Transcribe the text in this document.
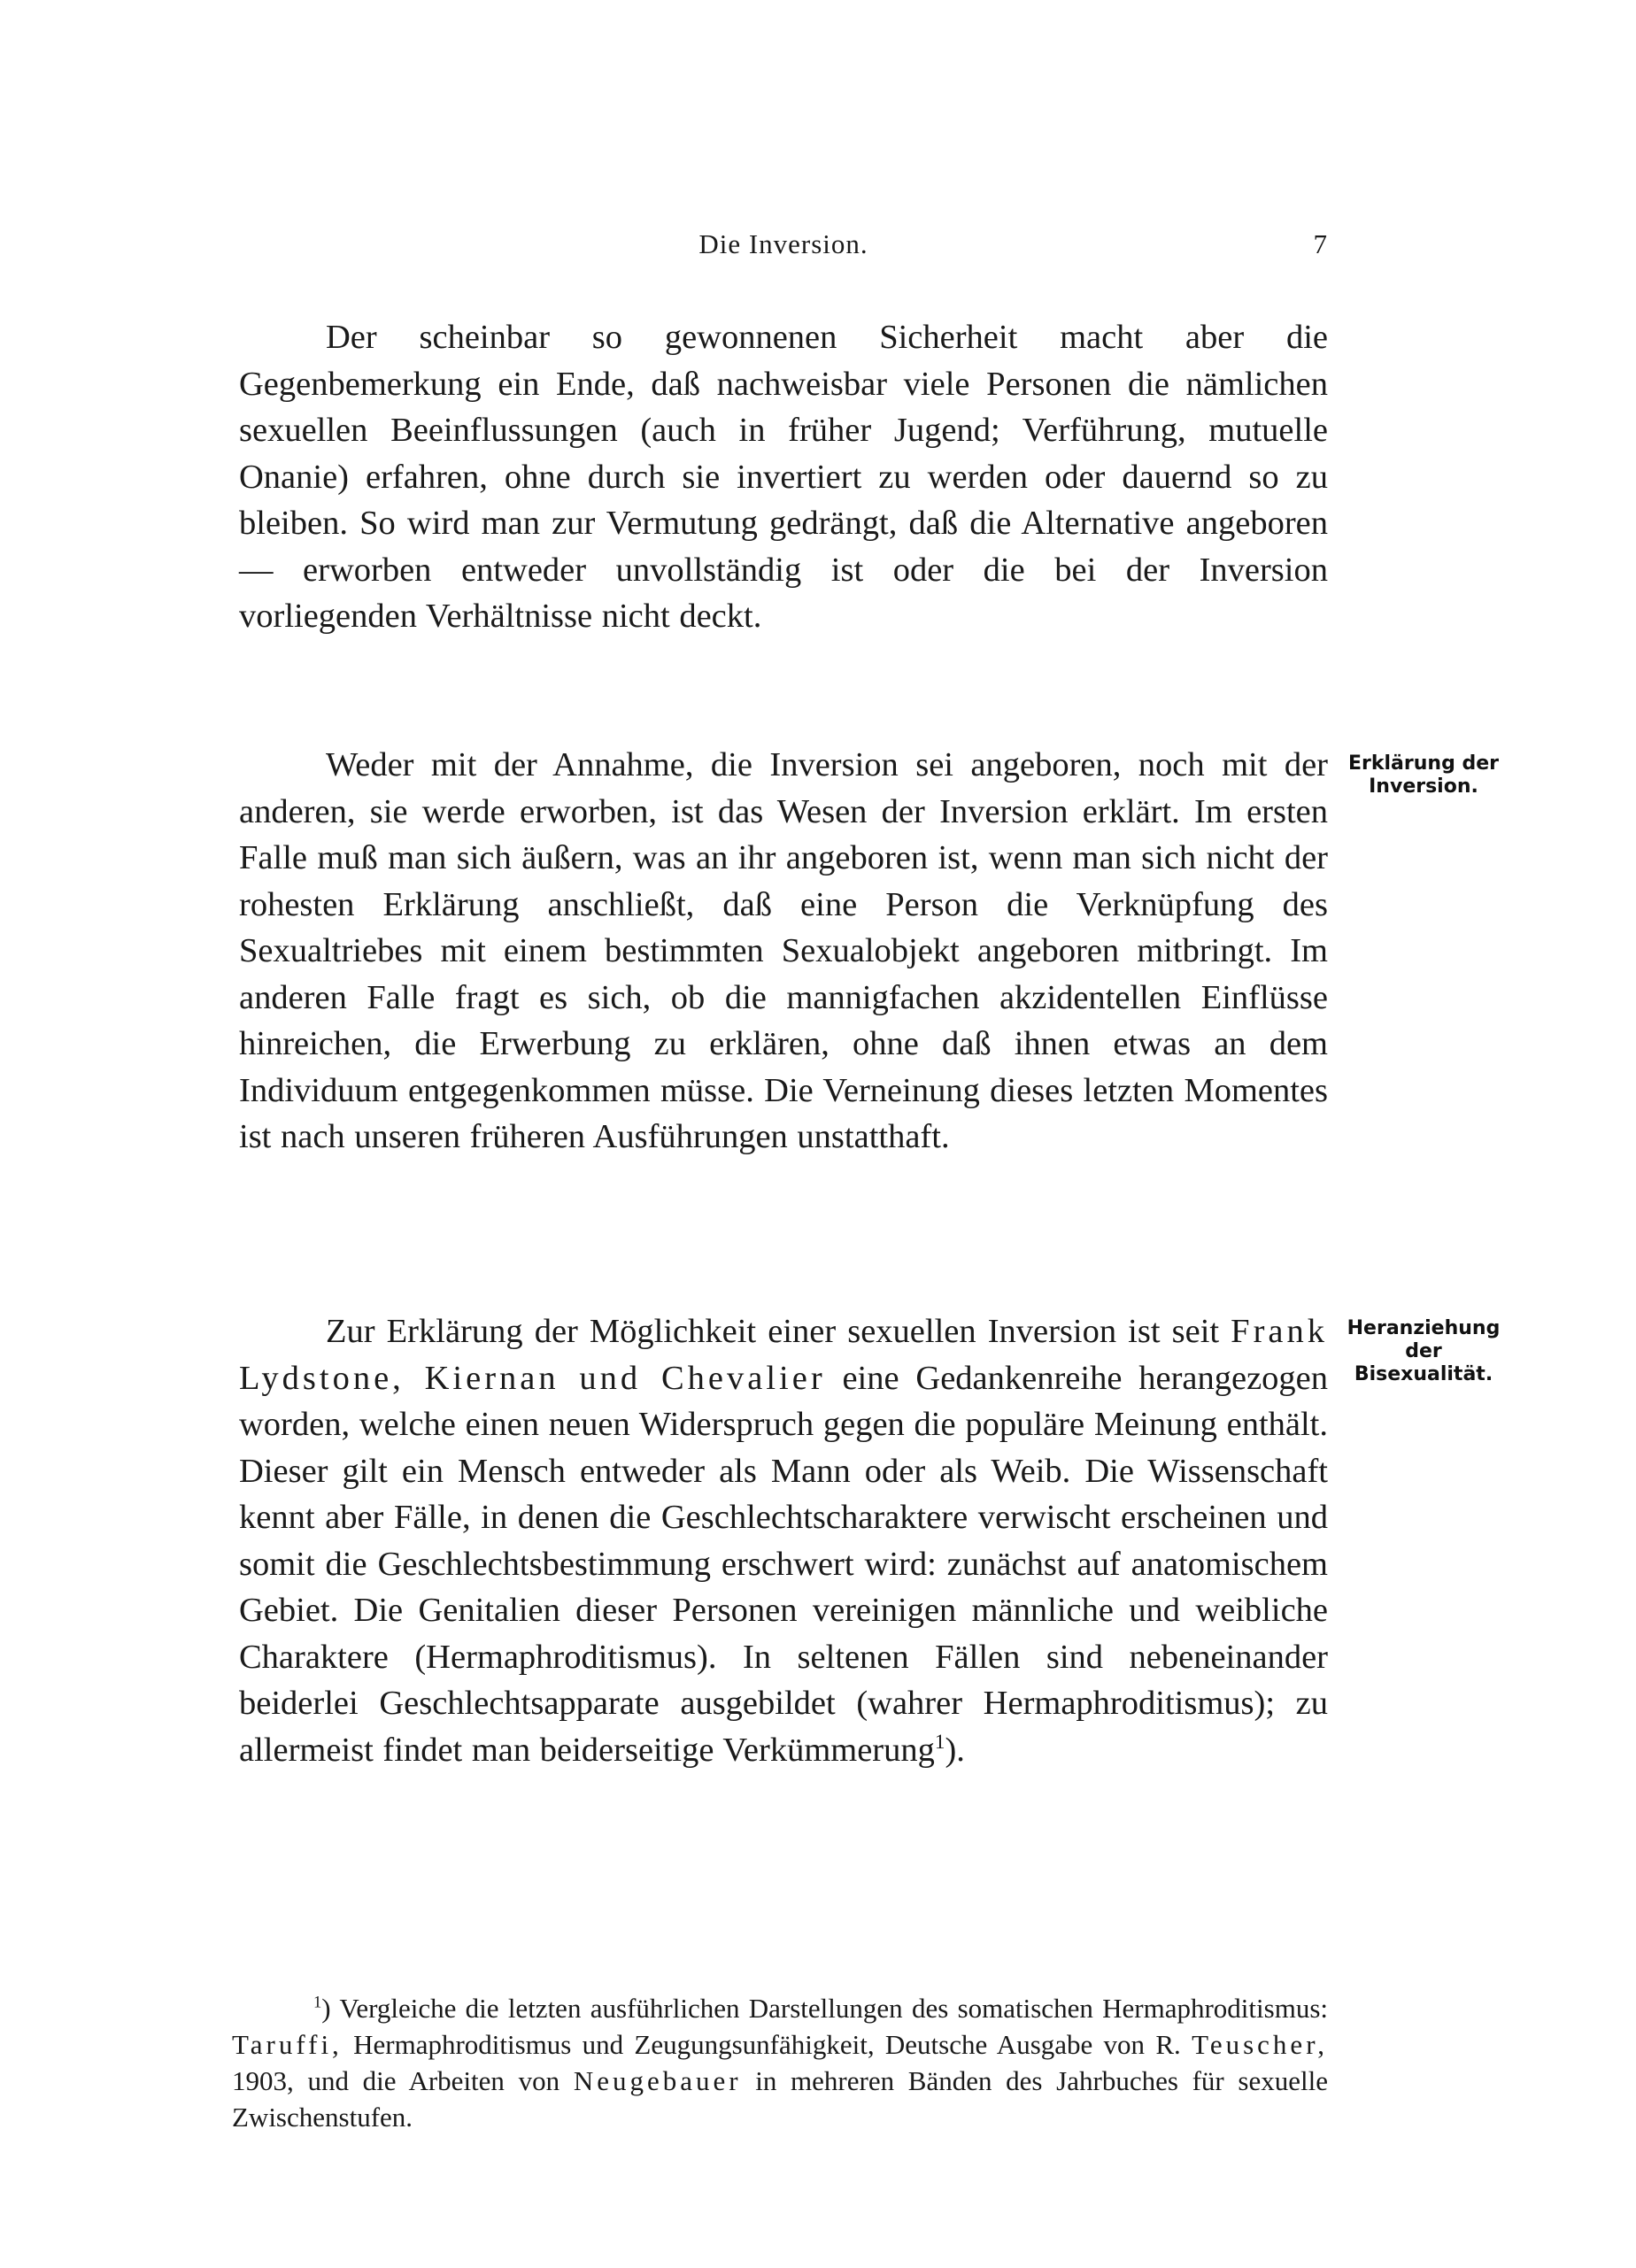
Die Inversion.	7

Der scheinbar so gewonnenen Sicherheit macht aber die Gegenbemerkung ein Ende, daß nachweisbar viele Personen die nämlichen sexuellen Beeinflussungen (auch in früher Jugend; Verführung, mutuelle Onanie) erfahren, ohne durch sie invertiert zu werden oder dauernd so zu bleiben. So wird man zur Vermutung gedrängt, daß die Alternative angeboren — erworben entweder unvollständig ist oder die bei der Inversion vorliegenden Verhältnisse nicht deckt.

Weder mit der Annahme, die Inversion sei angeboren, noch mit der anderen, sie werde erworben, ist das Wesen der Inversion erklärt. Im ersten Falle muß man sich äußern, was an ihr angeboren ist, wenn man sich nicht der rohesten Erklärung anschließt, daß eine Person die Verknüpfung des Sexualtriebes mit einem bestimmten Sexualobjekt angeboren mitbringt. Im anderen Falle fragt es sich, ob die mannigfachen akzidentellen Einflüsse hinreichen, die Erwerbung zu erklären, ohne daß ihnen etwas an dem Individuum entgegenkommen müsse. Die Verneinung dieses letzten Momentes ist nach unseren früheren Ausführungen unstatthaft.

Zur Erklärung der Möglichkeit einer sexuellen Inversion ist seit Frank Lydstone, Kiernan und Chevalier eine Gedankenreihe herangezogen worden, welche einen neuen Widerspruch gegen die populäre Meinung enthält. Dieser gilt ein Mensch entweder als Mann oder als Weib. Die Wissenschaft kennt aber Fälle, in denen die Geschlechtscharaktere verwischt erscheinen und somit die Geschlechtsbestimmung erschwert wird: zunächst auf anatomischem Gebiet. Die Genitalien dieser Personen vereinigen männliche und weibliche Charaktere (Hermaphroditismus). In seltenen Fällen sind nebeneinander beiderlei Geschlechtsapparate ausgebildet (wahrer Hermaphroditismus); zu allermeist findet man beiderseitige Verkümmerung$^1$).

Erklärung der
Inversion.
Heranziehung
der
Bisexualität.

$^1$) Vergleiche die letzten ausführlichen Darstellungen des somatischen Hermaphroditismus: Taruffi, Hermaphroditismus und Zeugungsunfähigkeit, Deutsche Ausgabe von R. Teuscher, 1903, und die Arbeiten von Neugebauer in mehreren Bänden des Jahrbuches für sexuelle Zwischenstufen.
